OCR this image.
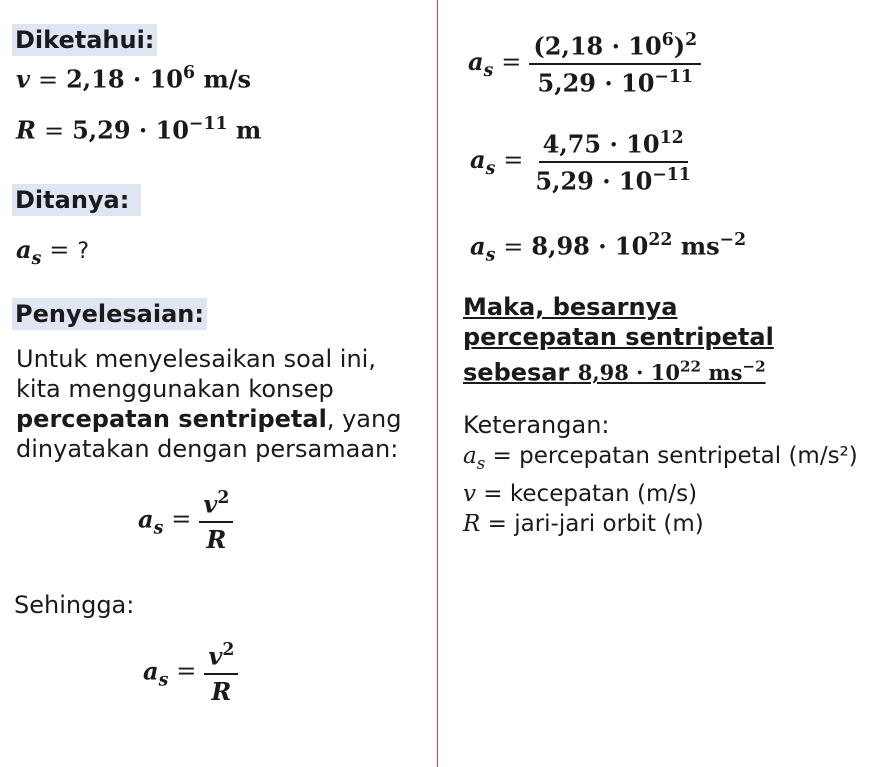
Diketahui:
$v = 2,18 \cdot 10^6$ m/s
$R = 5,29 \cdot 10^{-11}$ m
Ditanya:
$a_s$ = ?
Penyelesaian:
Untuk menyelesaikan soal ini, kita menggunakan konsep percepatan sentripetal, yang dinyatakan dengan persamaan:
$a_s = \frac{v^2}{R}$
Sehingga:
$a_s = \frac{v^2}{R}$
$a_s = \frac{(2,18 \cdot 10^6)^2}{5,29 \cdot 10^{-11}}$
$a_s = \frac{4,75 \cdot 10^{12}}{5,29 \cdot 10^{-11}}$
$a_s = 8,98 \cdot 10^{22}$ $ms^{-2}$
Maka, besarnya
percepatan sentripetal
sebesar $8,98 \cdot 10^{22}$ $ms^{-2}$
Keterangan:
$a_s$ = percepatan sentripetal (m/s²)
v = kecepatan (m/s)
R = jari-jari orbit (m)
